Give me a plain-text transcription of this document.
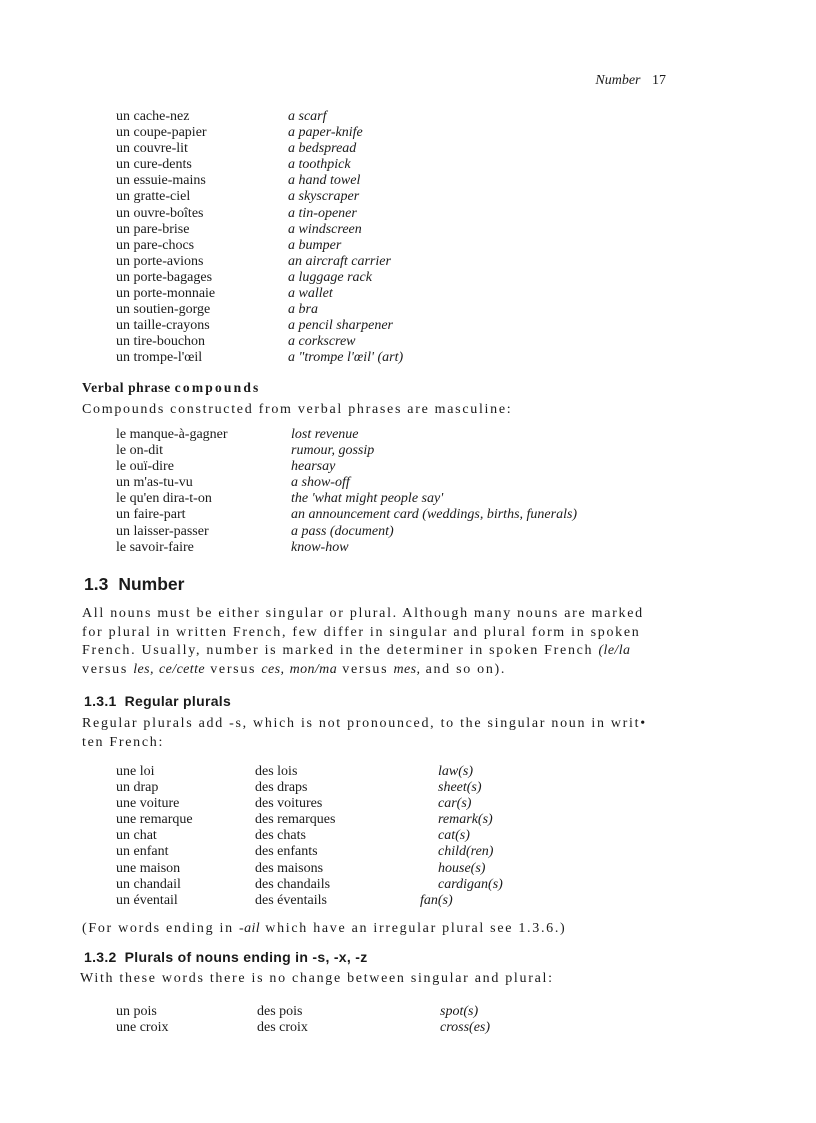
Number 17
un cache-nez	a scarf
un coupe-papier	a paper-knife
un couvre-lit	a bedspread
un cure-dents	a toothpick
un essuie-mains	a hand towel
un gratte-ciel	a skyscraper
un ouvre-boîtes	a tin-opener
un pare-brise	a windscreen
un pare-chocs	a bumper
un porte-avions	an aircraft carrier
un porte-bagages	a luggage rack
un porte-monnaie	a wallet
un soutien-gorge	a bra
un taille-crayons	a pencil sharpener
un tire-bouchon	a corkscrew
un trompe-l'œil	a "trompe l'œil' (art)
Verbal phrase compounds

Compounds constructed from verbal phrases are masculine:

le manque-à-gagner	lost revenue
le on-dit	rumour, gossip
le ouï-dire	hearsay
un m'as-tu-vu	a show-off
le qu'en dira-t-on	the 'what might people say'
un faire-part	an announcement card (weddings, births, funerals)
un laisser-passer	a pass (document)
le savoir-faire	know-how
1.3 Number
All nouns must be either singular or plural. Although many nouns are marked
for plural in written French, few differ in singular and plural form in spoken
French. Usually, number is marked in the determiner in spoken French (le/la
versus les, ce/cette versus ces, mon/ma versus mes, and so on).
1.3.1 Regular plurals
Regular plurals add -s, which is not pronounced, to the singular noun in writ•
ten French:
une loi	des lois	law(s)
un drap	des draps	sheet(s)
une voiture	des voitures	car(s)
une remarque	des remarques	remark(s)
un chat	des chats	cat(s)
un enfant	des enfants	child(ren)
une maison	des maisons	house(s)
un chandail	des chandails	cardigan(s)
un éventail	des éventails	fan(s)
(For words ending in -ail which have an irregular plural see 1.3.6.)
1.3.2 Plurals of nouns ending in -s, -x, -z

With these words there is no change between singular and plural:

un pois	des pois	spot(s)
une croix	des croix	cross(es)
